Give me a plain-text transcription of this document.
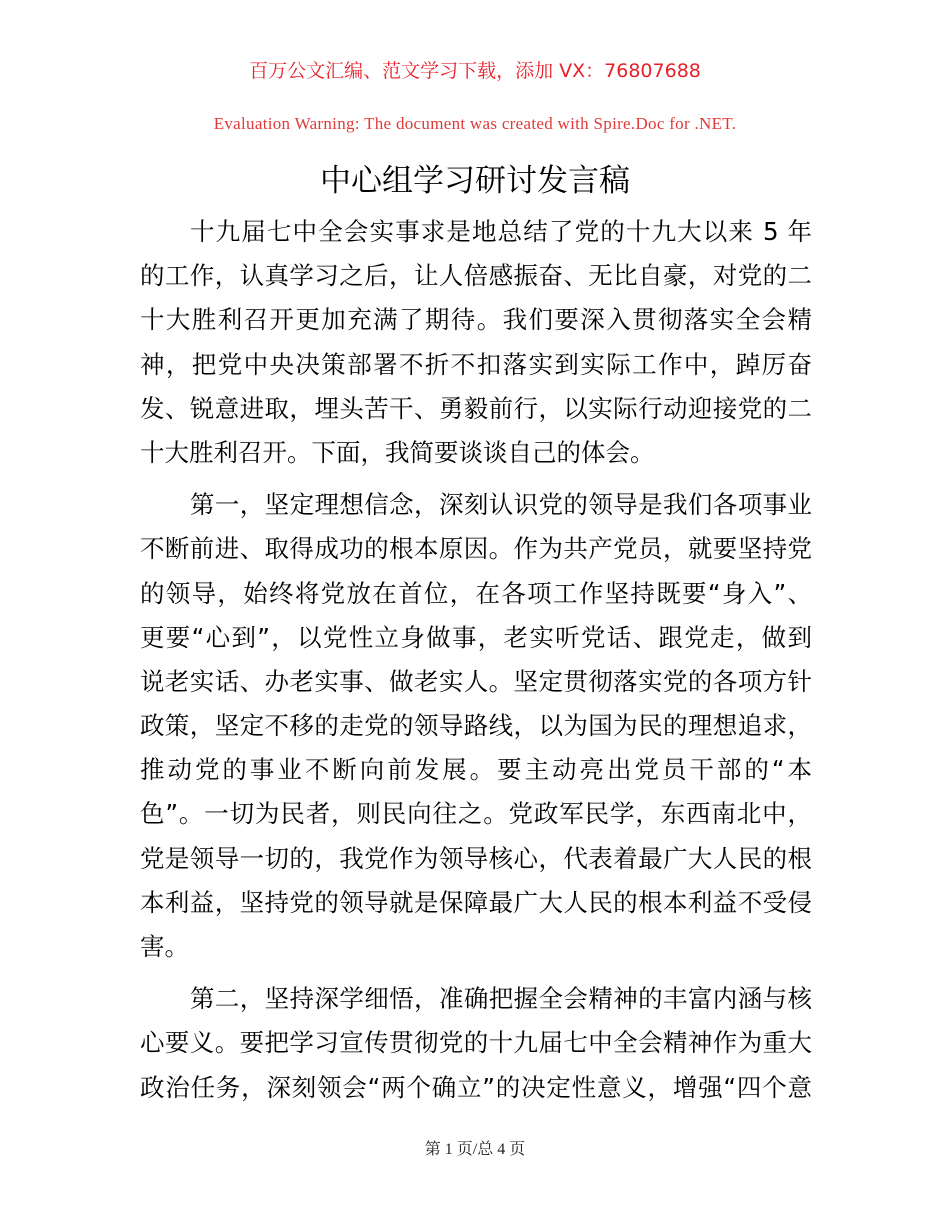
百万公文汇编、范文学习下载，添加 VX：76807688
Evaluation Warning: The document was created with Spire.Doc for .NET.
中心组学习研讨发言稿
十九届七中全会实事求是地总结了党的十九大以来 5 年
的工作，认真学习之后，让人倍感振奋、无比自豪，对党的二
十大胜利召开更加充满了期待。我们要深入贯彻落实全会精
神，把党中央决策部署不折不扣落实到实际工作中，踔厉奋
发、锐意进取，埋头苦干、勇毅前行，以实际行动迎接党的二
十大胜利召开。下面，我简要谈谈自己的体会。
第一，坚定理想信念，深刻认识党的领导是我们各项事业
不断前进、取得成功的根本原因。作为共产党员，就要坚持党
的领导，始终将党放在首位，在各项工作坚持既要“身入”、
更要“心到”，以党性立身做事，老实听党话、跟党走，做到
说老实话、办老实事、做老实人。坚定贯彻落实党的各项方针
政策，坚定不移的走党的领导路线，以为国为民的理想追求，
推动党的事业不断向前发展。要主动亮出党员干部的“本
色”。一切为民者，则民向往之。党政军民学，东西南北中，
党是领导一切的，我党作为领导核心，代表着最广大人民的根
本利益，坚持党的领导就是保障最广大人民的根本利益不受侵
害。
第二，坚持深学细悟，准确把握全会精神的丰富内涵与核
心要义。要把学习宣传贯彻党的十九届七中全会精神作为重大
政治任务，深刻领会“两个确立”的决定性意义，增强“四个意
第 1 页/总 4 页
